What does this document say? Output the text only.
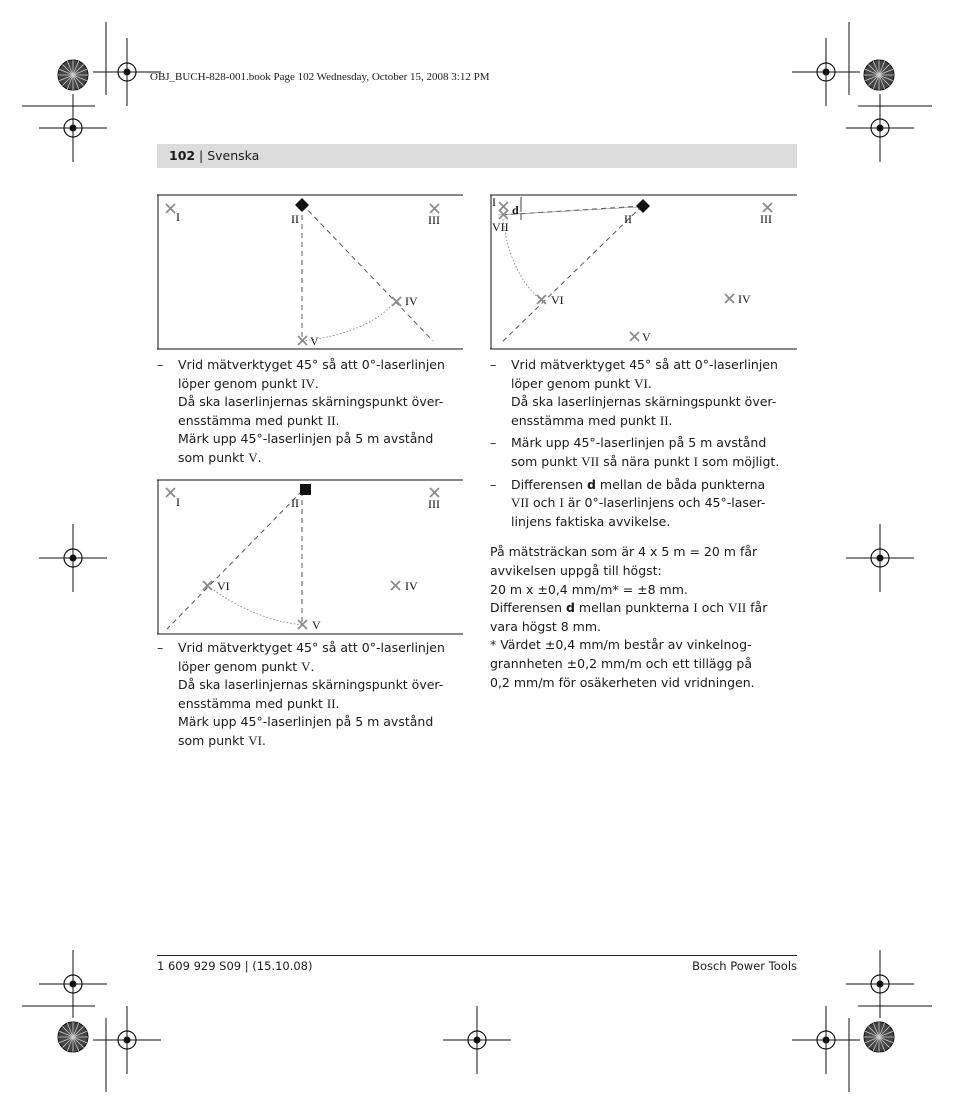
OBJ_BUCH-828-001.book Page 102 Wednesday, October 15, 2008 3:12 PM
102 | Svenska
I	II	III
IV
V
I	II	III
IV
VI
V
I
d
VII
II	III
IV
VI
V
– Vrid mätverktyget 45° så att 0°-laserlinjen

löper genom punkt IV.

Då ska laserlinjernas skärningspunkt över-

ensstämma med punkt II.

Märk upp 45°-laserlinjen på 5 m avstånd

som punkt V.

– Vrid mätverktyget 45° så att 0°-laserlinjen

löper genom punkt V.

Då ska laserlinjernas skärningspunkt över-

ensstämma med punkt II.

Märk upp 45°-laserlinjen på 5 m avstånd

som punkt VI.

– Vrid mätverktyget 45° så att 0°-laserlinjen

löper genom punkt VI.

Då ska laserlinjernas skärningspunkt över-

ensstämma med punkt II.

– Märk upp 45°-laserlinjen på 5 m avstånd

som punkt VII så nära punkt I som möjligt.

– Differensen d mellan de båda punkterna

VII och I är 0°-laserlinjens och 45°-laser-

linjens faktiska avvikelse.

På mätsträckan som är 4 x 5 m = 20 m får

avvikelsen uppgå till högst:

20 m x ±0,4 mm/m* = ±8 mm.

Differensen d mellan punkterna I och VII får

vara högst 8 mm.

* Värdet ±0,4 mm/m består av vinkelnog-

grannheten ±0,2 mm/m och ett tillägg på

0,2 mm/m för osäkerheten vid vridningen.

1 609 929 S09 | (15.10.08)	Bosch Power Tools
